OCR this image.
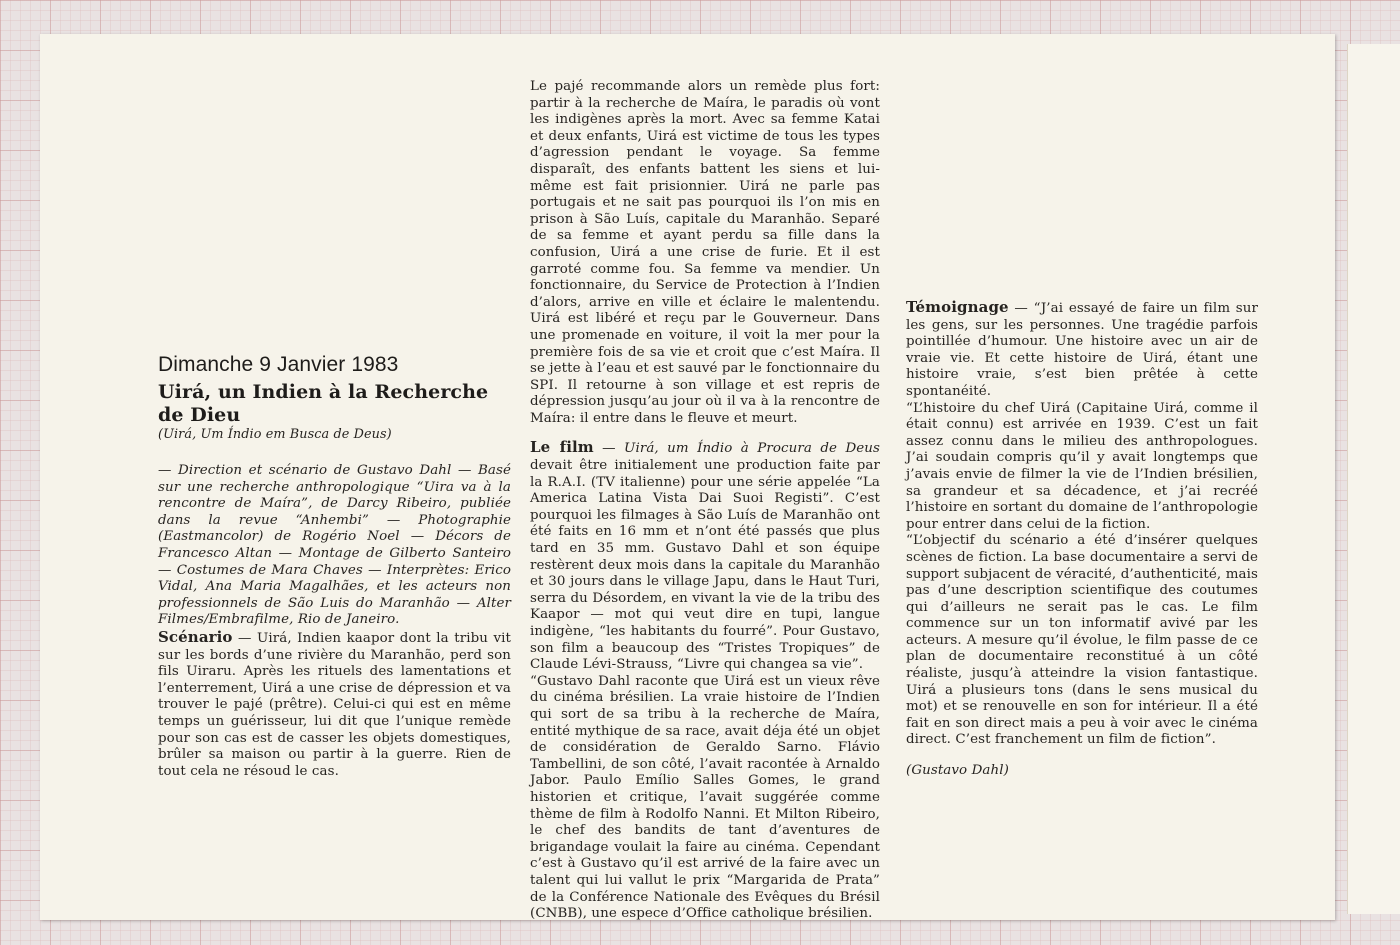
Dimanche 9 Janvier 1983
Uirá, un Indien à la Recherche de Dieu
(Uirá, Um Índio em Busca de Deus)

— Direction et scénario de Gustavo Dahl — Basé sur une recherche anthropologique “Uira va à la rencontre de Maíra”, de Darcy Ribeiro, publiée dans la revue “Anhembi” — Photographie (Eastmancolor) de Rogério Noel — Décors de Francesco Altan — Montage de Gilberto Santeiro — Costumes de Mara Chaves — Interprètes: Erico Vidal, Ana Maria Magalhães, et les acteurs non professionnels de São Luis do Maranhão — Alter Filmes/Embrafilme, Rio de Janeiro.

Scénario — Uirá, Indien kaapor dont la tribu vit sur les bords d’une rivière du Maranhão, perd son fils Uiraru. Après les rituels des lamentations et l’enterrement, Uirá a une crise de dépression et va trouver le pajé (prêtre). Celui-ci qui est en même temps un guérisseur, lui dit que l’unique remède pour son cas est de casser les objets domestiques, brûler sa maison ou partir à la guerre. Rien de tout cela ne résoud le cas.

Le pajé recommande alors un remède plus fort: partir à la recherche de Maíra, le paradis où vont les indigènes après la mort. Avec sa femme Katai et deux enfants, Uirá est victime de tous les types d’agression pendant le voyage. Sa femme disparaît, des enfants battent les siens et lui-même est fait prisionnier. Uirá ne parle pas portugais et ne sait pas pourquoi ils l’on mis en prison à São Luís, capitale du Maranhão. Separé de sa femme et ayant perdu sa fille dans la confusion, Uirá a une crise de furie. Et il est garroté comme fou. Sa femme va mendier. Un fonctionnaire, du Service de Protection à l’Indien d’alors, arrive en ville et éclaire le malentendu. Uirá est libéré et reçu par le Gouverneur. Dans une promenade en voiture, il voit la mer pour la première fois de sa vie et croit que c’est Maíra. Il se jette à l’eau et est sauvé par le fonctionnaire du SPI. Il retourne à son village et est repris de dépression jusqu’au jour où il va à la rencontre de Maíra: il entre dans le fleuve et meurt.

Le film — Uirá, um Índio à Procura de Deus devait être initialement une production faite par la R.A.I. (TV italienne) pour une série appelée “La America Latina Vista Dai Suoi Registi”. C’est pourquoi les filmages à São Luís de Maranhão ont été faits en 16 mm et n’ont été passés que plus tard en 35 mm. Gustavo Dahl et son équipe restèrent deux mois dans la capitale du Maranhão et 30 jours dans le village Japu, dans le Haut Turi, serra du Désordem, en vivant la vie de la tribu des Kaapor — mot qui veut dire en tupi, langue indigène, “les habitants du fourré”. Pour Gustavo, son film a beaucoup des “Tristes Tropiques” de Claude Lévi-Strauss, “Livre qui changea sa vie”.

“Gustavo Dahl raconte que Uirá est un vieux rêve du cinéma brésilien. La vraie histoire de l’Indien qui sort de sa tribu à la recherche de Maíra, entité mythique de sa race, avait déja été un objet de considération de Geraldo Sarno. Flávio Tambellini, de son côté, l’avait racontée à Arnaldo Jabor. Paulo Emílio Salles Gomes, le grand historien et critique, l’avait suggérée comme thème de film à Rodolfo Nanni. Et Milton Ribeiro, le chef des bandits de tant d’aventures de brigandage voulait la faire au cinéma. Cependant c’est à Gustavo qu’il est arrivé de la faire avec un talent qui lui vallut le prix “Margarida de Prata” de la Conférence Nationale des Evêques du Brésil (CNBB), une espece d’Office catholique brésilien.

Témoignage — “J’ai essayé de faire un film sur les gens, sur les personnes. Une tragédie parfois pointillée d’humour. Une histoire avec un air de vraie vie. Et cette histoire de Uirá, étant une histoire vraie, s’est bien prêtée à cette spontanéité.

“L’histoire du chef Uirá (Capitaine Uirá, comme il était connu) est arrivée en 1939. C’est un fait assez connu dans le milieu des anthropologues. J’ai soudain compris qu’il y avait longtemps que j’avais envie de filmer la vie de l’Indien brésilien, sa grandeur et sa décadence, et j’ai recréé l’histoire en sortant du domaine de l’anthropologie pour entrer dans celui de la fiction.

“L’objectif du scénario a été d’insérer quelques scènes de fiction. La base documentaire a servi de support subjacent de véracité, d’authenticité, mais pas d’une description scientifique des coutumes qui d’ailleurs ne serait pas le cas. Le film commence sur un ton informatif avivé par les acteurs. A mesure qu’il évolue, le film passe de ce plan de documentaire reconstitué à un côté réaliste, jusqu’à atteindre la vision fantastique. Uirá a plusieurs tons (dans le sens musical du mot) et se renouvelle en son for intérieur. Il a été fait en son direct mais a peu à voir avec le cinéma direct. C’est franchement un film de fiction”.

(Gustavo Dahl)
